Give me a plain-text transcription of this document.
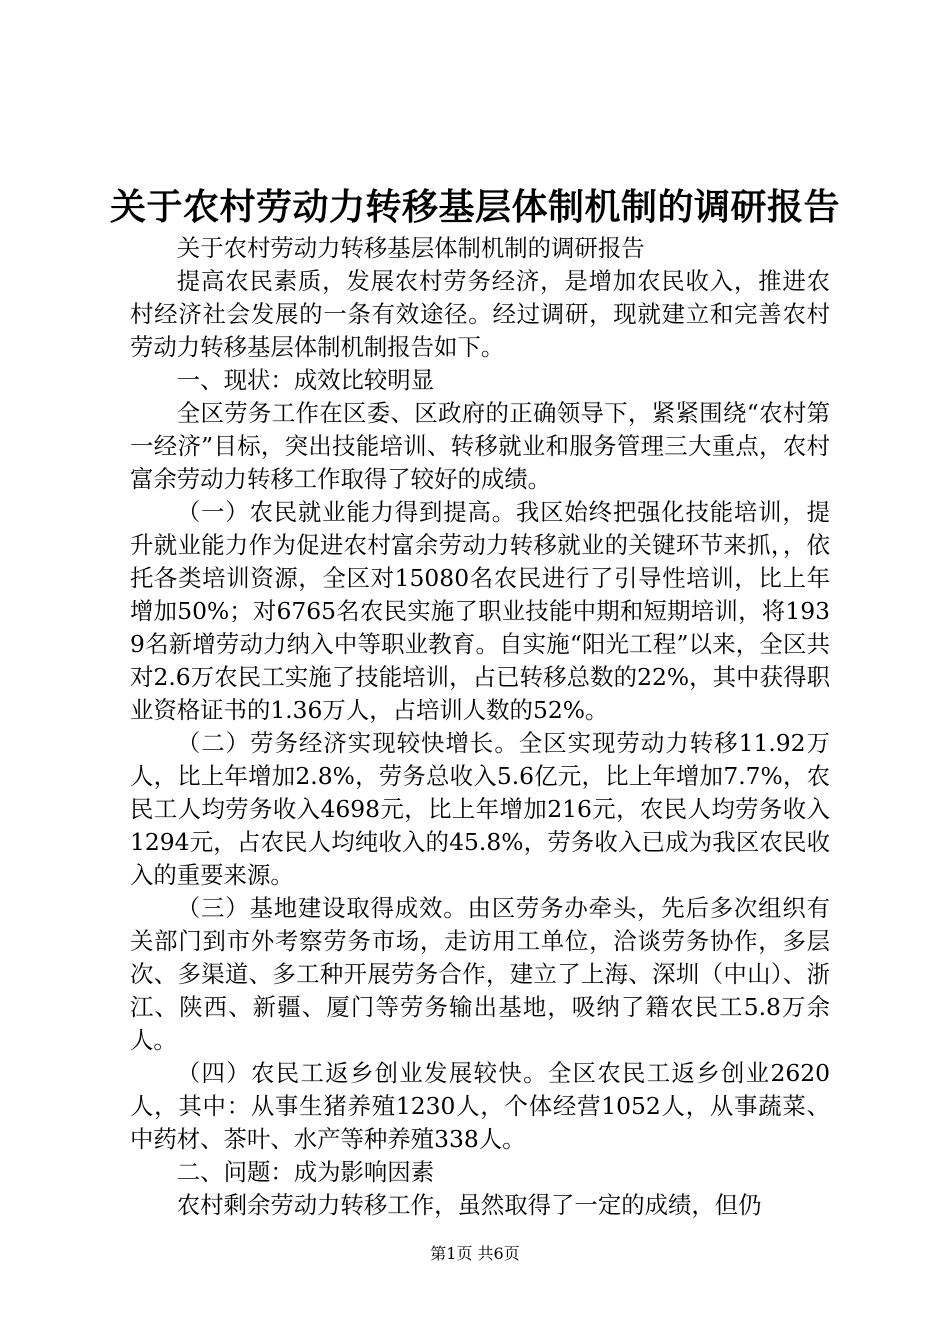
关于农村劳动力转移基层体制机制的调研报告

关于农村劳动力转移基层体制机制的调研报告

提高农民素质，发展农村劳务经济，是增加农民收入，推进农村经济社会发展的一条有效途径。经过调研，现就建立和完善农村劳动力转移基层体制机制报告如下。

一、现状：成效比较明显

全区劳务工作在区委、区政府的正确领导下，紧紧围绕“农村第一经济”目标，突出技能培训、转移就业和服务管理三大重点，农村富余劳动力转移工作取得了较好的成绩。

（一）农民就业能力得到提高。我区始终把强化技能培训，提升就业能力作为促进农村富余劳动力转移就业的关键环节来抓，，依托各类培训资源，全区对15080名农民进行了引导性培训，比上年增加50%；对6765名农民实施了职业技能中期和短期培训，将1939名新增劳动力纳入中等职业教育。自实施“阳光工程”以来，全区共对2.6万农民工实施了技能培训，占已转移总数的22%，其中获得职业资格证书的1.36万人，占培训人数的52%。

（二）劳务经济实现较快增长。全区实现劳动力转移11.92万人，比上年增加2.8%，劳务总收入5.6亿元，比上年增加7.7%，农民工人均劳务收入4698元，比上年增加216元，农民人均劳务收入1294元，占农民人均纯收入的45.8%，劳务收入已成为我区农民收入的重要来源。

（三）基地建设取得成效。由区劳务办牵头，先后多次组织有关部门到市外考察劳务市场，走访用工单位，洽谈劳务协作，多层次、多渠道、多工种开展劳务合作，建立了上海、深圳（中山）、浙江、陕西、新疆、厦门等劳务输出基地，吸纳了籍农民工5.8万余人。

（四）农民工返乡创业发展较快。全区农民工返乡创业2620人，其中：从事生猪养殖1230人，个体经营1052人，从事蔬菜、中药材、茶叶、水产等种养殖338人。

二、问题：成为影响因素

农村剩余劳动力转移工作，虽然取得了一定的成绩，但仍

第1页 共6页
